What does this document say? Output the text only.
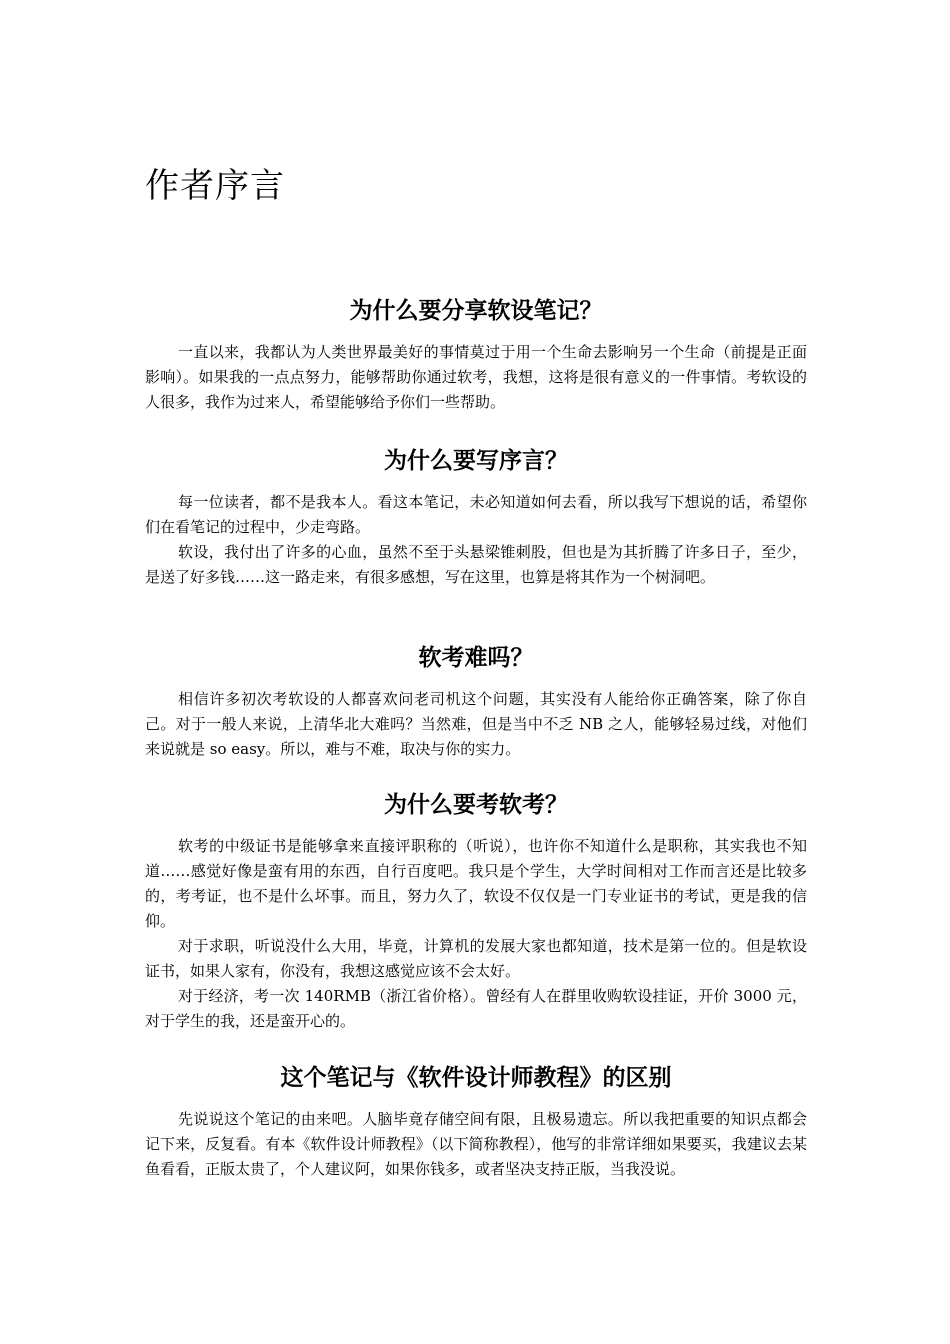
作者序言
为什么要分享软设笔记？

一直以来，我都认为人类世界最美好的事情莫过于用一个生命去影响另一个生命（前提是正面影响）。如果我的一点点努力，能够帮助你通过软考，我想，这将是很有意义的一件事情。考软设的人很多，我作为过来人，希望能够给予你们一些帮助。

为什么要写序言？

每一位读者，都不是我本人。看这本笔记，未必知道如何去看，所以我写下想说的话，希望你们在看笔记的过程中，少走弯路。

软设，我付出了许多的心血，虽然不至于头悬梁锥刺股，但也是为其折腾了许多日子，至少，是送了好多钱……这一路走来，有很多感想，写在这里，也算是将其作为一个树洞吧。

软考难吗？

相信许多初次考软设的人都喜欢问老司机这个问题，其实没有人能给你正确答案，除了你自己。对于一般人来说，上清华北大难吗？当然难，但是当中不乏 NB 之人，能够轻易过线，对他们来说就是 so easy。所以，难与不难，取决与你的实力。

为什么要考软考？

软考的中级证书是能够拿来直接评职称的（听说），也许你不知道什么是职称，其实我也不知道……感觉好像是蛮有用的东西，自行百度吧。我只是个学生，大学时间相对工作而言还是比较多的，考考证，也不是什么坏事。而且，努力久了，软设不仅仅是一门专业证书的考试，更是我的信仰。

对于求职，听说没什么大用，毕竟，计算机的发展大家也都知道，技术是第一位的。但是软设证书，如果人家有，你没有，我想这感觉应该不会太好。

对于经济，考一次 140RMB（浙江省价格）。曾经有人在群里收购软设挂证，开价 3000 元，对于学生的我，还是蛮开心的。

这个笔记与《软件设计师教程》的区别

先说说这个笔记的由来吧。人脑毕竟存储空间有限，且极易遗忘。所以我把重要的知识点都会记下来，反复看。有本《软件设计师教程》（以下简称教程），他写的非常详细如果要买，我建议去某鱼看看，正版太贵了，个人建议阿，如果你钱多，或者坚决支持正版，当我没说。
